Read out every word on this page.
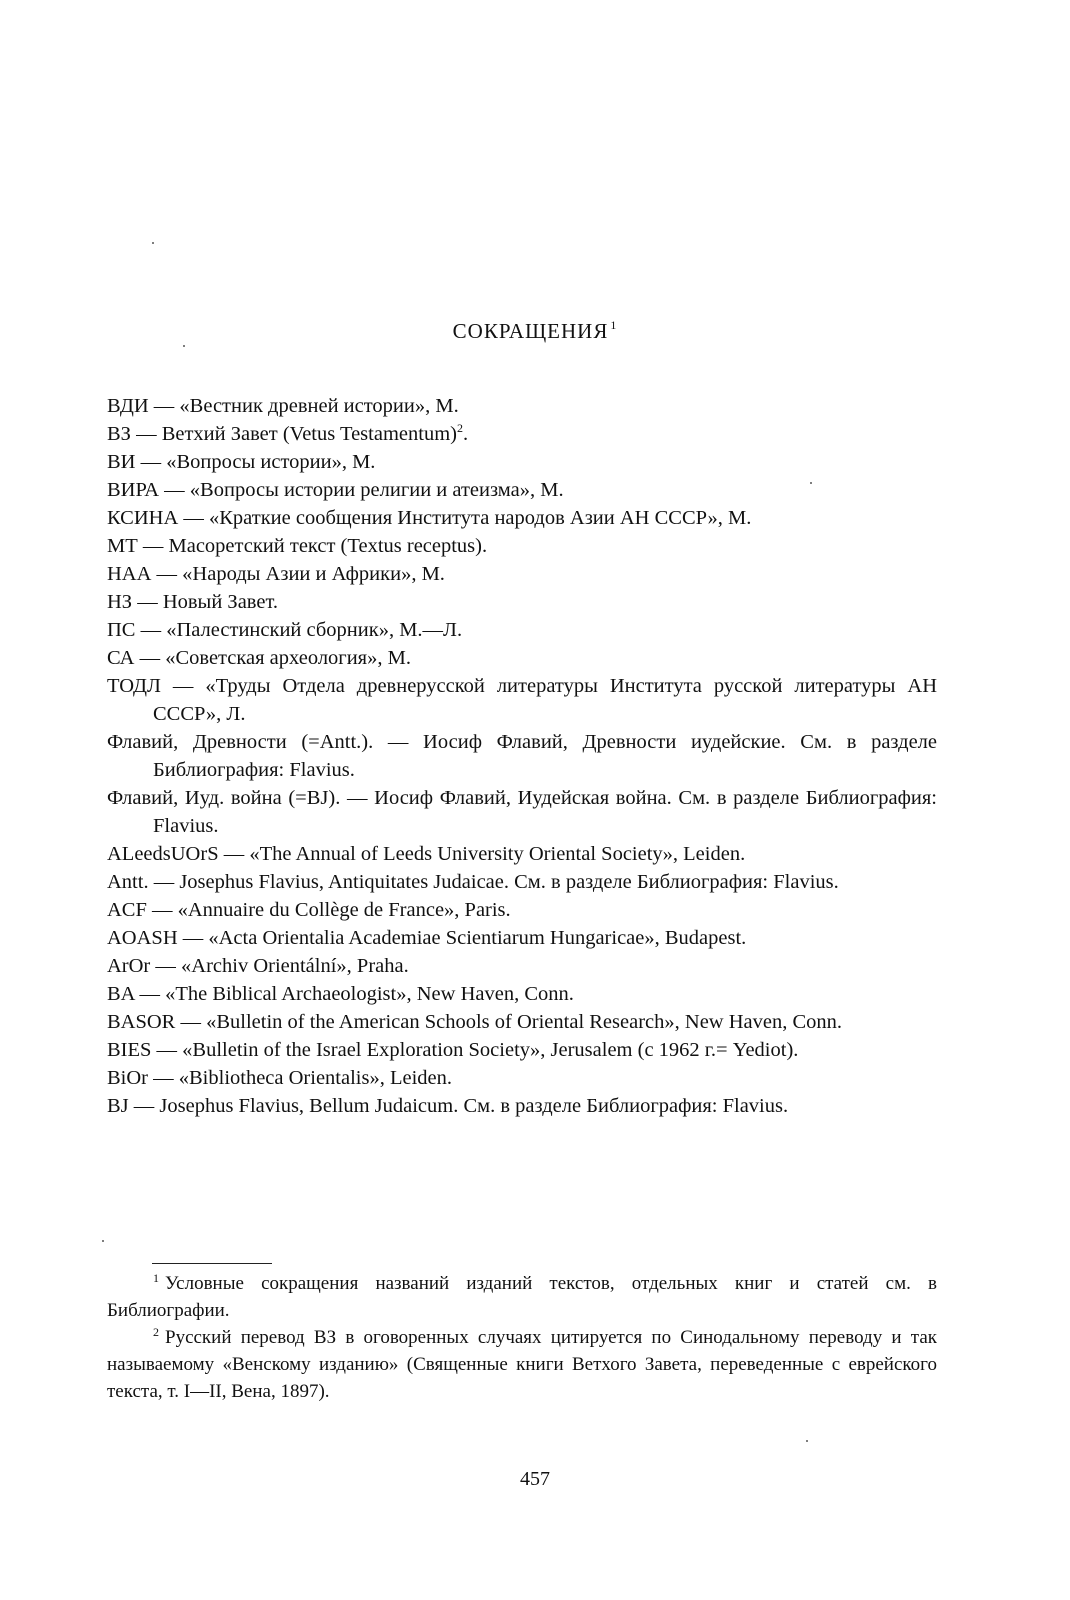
СОКРАЩЕНИЯ $^1$

ВДИ — «Вестник древней истории», М.

ВЗ — Ветхий Завет (Vetus Testamentum)$^2$.

ВИ — «Вопросы истории», М.

ВИРА — «Вопросы истории религии и атеизма», М.

КСИНА — «Краткие сообщения Института народов Азии АН СССР», М.

МТ — Масоретский текст (Textus receptus).

НАА — «Народы Азии и Африки», М.

НЗ — Новый Завет.

ПС — «Палестинский сборник», М.—Л.

СА — «Советская археология», М.

ТОДЛ — «Труды Отдела древнерусской литературы Института русской литературы АН СССР», Л.

Флавий, Древности (=Antt.). — Иосиф Флавий, Древности иудейские. См. в разделе Библиография: Flavius.

Флавий, Иуд. война (=BJ). — Иосиф Флавий, Иудейская война. См. в разделе Библиография: Flavius.

ALeedsUOrS — «The Annual of Leeds University Oriental Society», Leiden.

Antt. — Josephus Flavius, Antiquitates Judaicae. См. в разделе Библиография: Flavius.

ACF — «Annuaire du Collège de France», Paris.

AOASH — «Acta Orientalia Academiae Scientiarum Hungaricae», Budapest.

ArOr — «Archiv Orientální», Praha.

BA — «The Biblical Archaeologist», New Haven, Conn.

BASOR — «Bulletin of the American Schools of Oriental Research», New Haven, Conn.

BIES — «Bulletin of the Israel Exploration Society», Jerusalem (с 1962 г.= Yediot).

BiOr — «Bibliotheca Orientalis», Leiden.

BJ — Josephus Flavius, Bellum Judaicum. См. в разделе Библиография: Flavius.

$^1$ Условные сокращения названий изданий текстов, отдельных книг и статей см. в Библиографии.

$^2$ Русский перевод ВЗ в оговоренных случаях цитируется по Синодальному переводу и так называемому «Венскому изданию» (Священные книги Ветхого Завета, переведенные с еврейского текста, т. I—II, Вена, 1897).

457
